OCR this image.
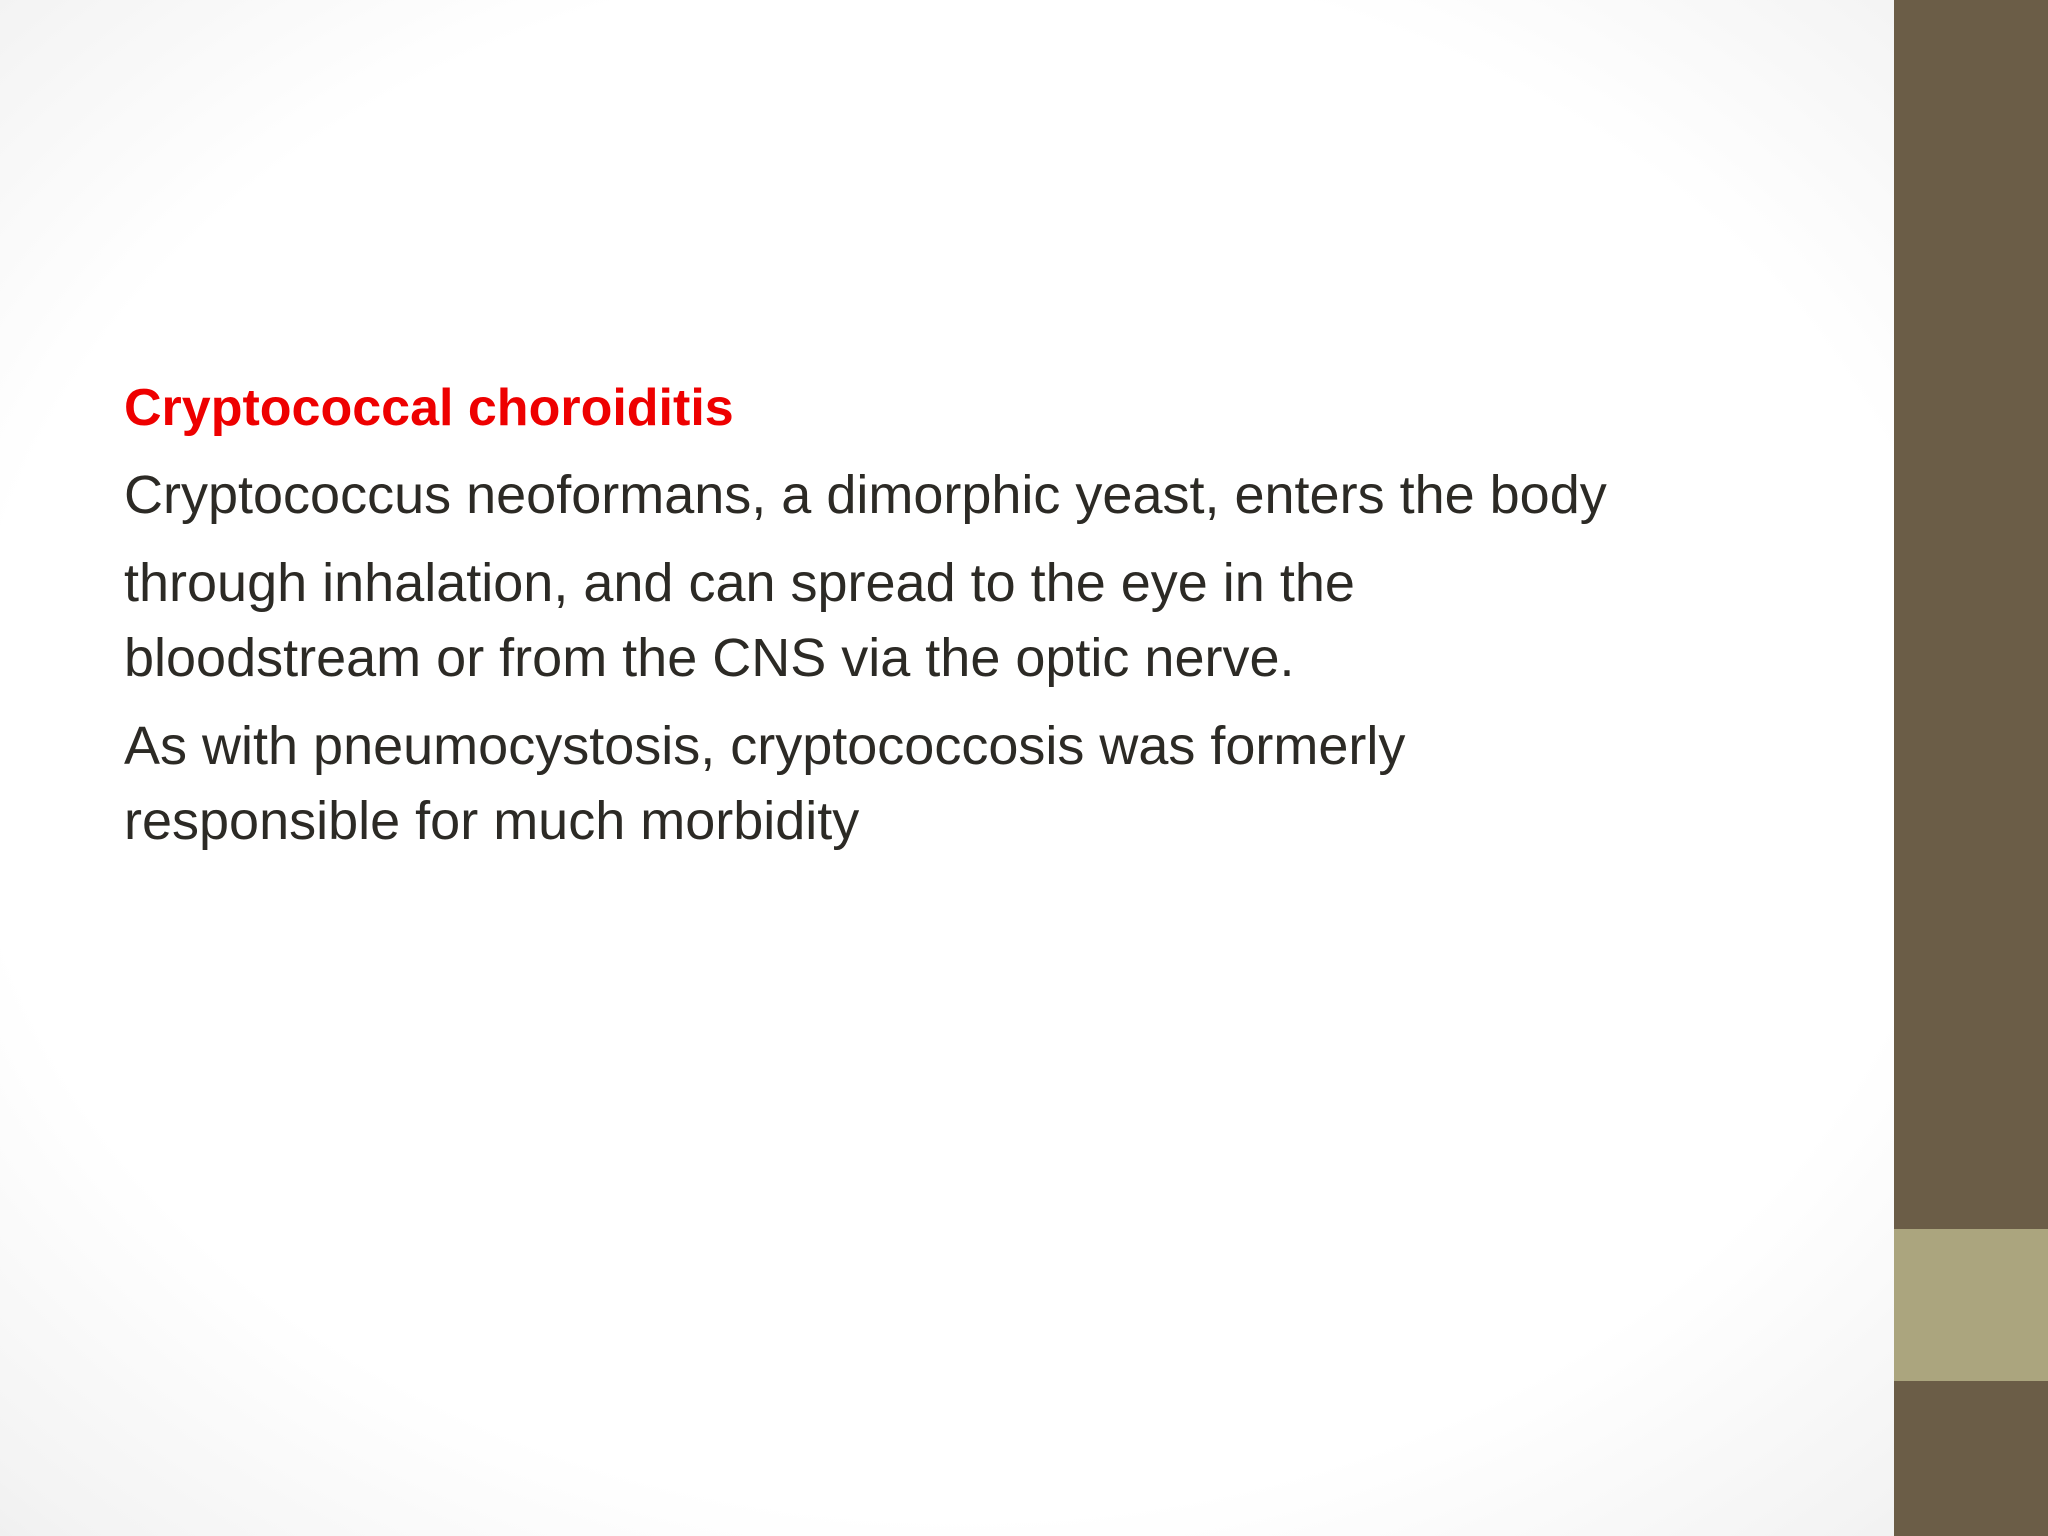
Cryptococcal choroiditis
Cryptococcus neoformans, a dimorphic yeast, enters the body
through inhalation, and can spread to the eye in the
bloodstream or from the CNS via the optic nerve.
As with pneumocystosis, cryptococcosis was formerly
responsible for much morbidity
